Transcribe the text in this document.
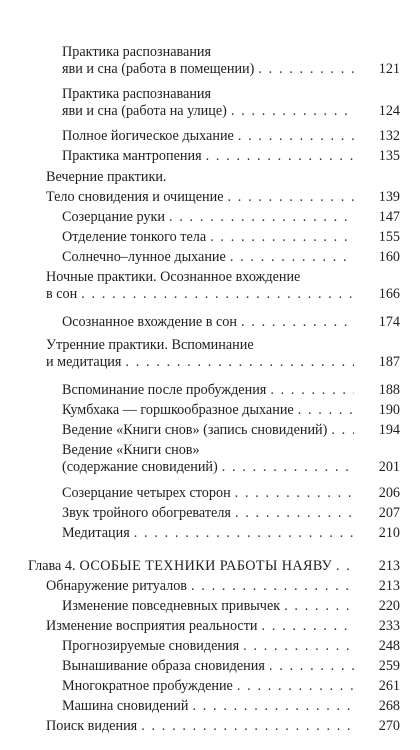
Практика распознавания
яви и сна (работа в помещении) . . .	121
Практика распознавания
яви и сна (работа на улице) . . .	124
Полное йогическое дыхание . . .	132
Практика мантропения . . .	135
Вечерние практики.
Тело сновидения и очищение . . .	139
Созерцание руки . . .	147
Отделение тонкого тела . . .	155
Солнечно–лунное дыхание . . .	160
Ночные практики. Осознанное вхождение
в сон . . .	166
Осознанное вхождение в сон . . .	174
Утренние практики. Вспоминание
и медитация . . .	187
Вспоминание после пробуждения . . .	188
Кумбхака — горшкообразное дыхание . . .	190
Ведение «Книги снов» (запись сновидений) . . .	194
Ведение «Книги снов»
(содержание сновидений) . . .	201
Созерцание четырех сторон . . .	206
Звук тройного обогревателя . . .	207
Медитация . . .	210
Глава 4. ОСОБЫЕ ТЕХНИКИ РАБОТЫ НАЯВУ . . .	213
Обнаружение ритуалов . . .	213
Изменение повседневных привычек . . .	220
Изменение восприятия реальности . . .	233
Прогнозируемые сновидения . . .	248
Вынашивание образа сновидения . . .	259
Многократное пробуждение . . .	261
Машина сновидений . . .	268
Поиск видения . . .	270
